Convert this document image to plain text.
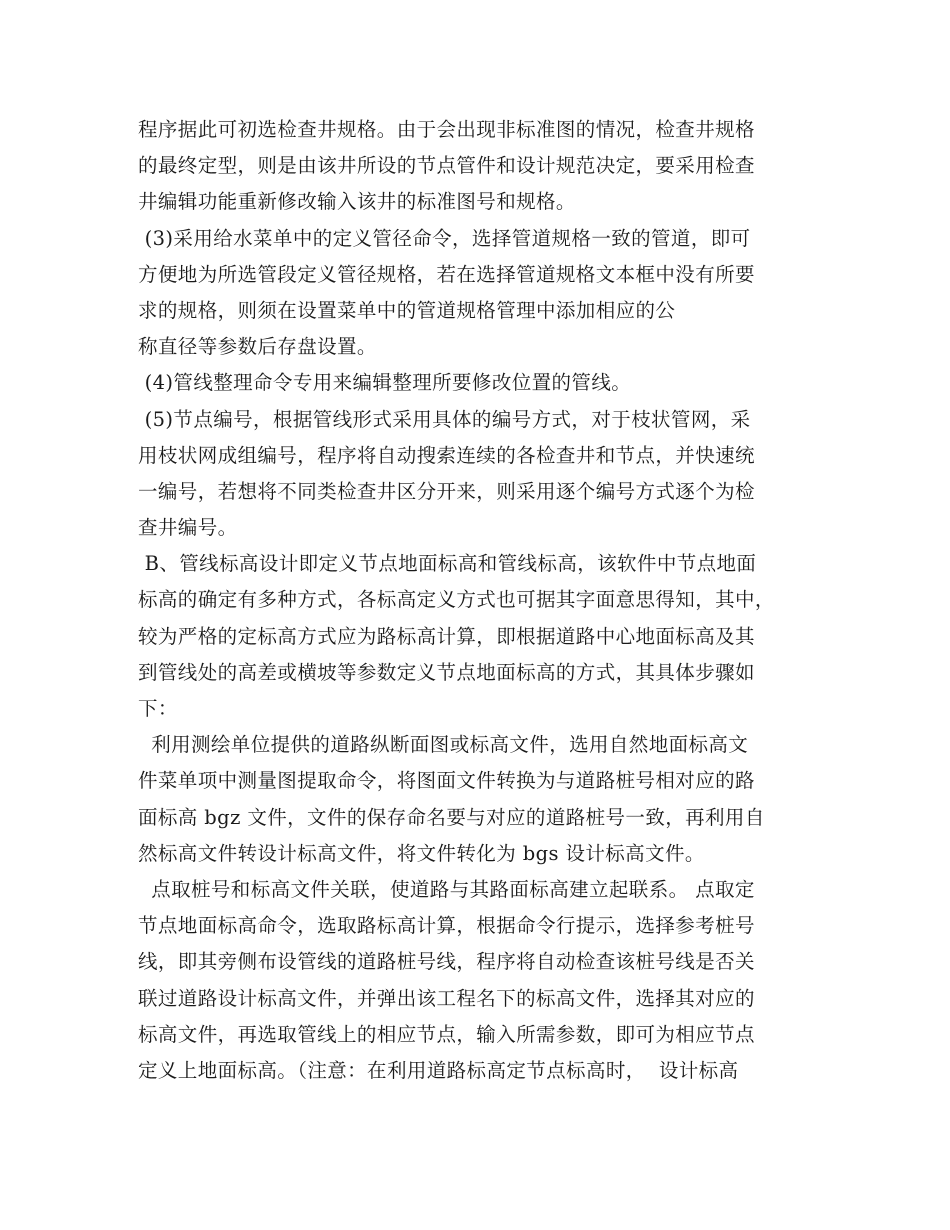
程序据此可初选检查井规格。由于会出现非标准图的情况，检查井规格
的最终定型，则是由该井所设的节点管件和设计规范决定，要采用检查
井编辑功能重新修改输入该井的标准图号和规格。
(3)采用给水菜单中的定义管径命令，选择管道规格一致的管道，即可
方便地为所选管段定义管径规格，若在选择管道规格文本框中没有所要
求的规格，则须在设置菜单中的管道规格管理中添加相应的公
称直径等参数后存盘设置。
(4)管线整理命令专用来编辑整理所要修改位置的管线。
(5)节点编号，根据管线形式采用具体的编号方式，对于枝状管网，采
用枝状网成组编号，程序将自动搜索连续的各检查井和节点，并快速统
一编号，若想将不同类检查井区分开来，则采用逐个编号方式逐个为检
查井编号。
B、管线标高设计即定义节点地面标高和管线标高，该软件中节点地面
标高的确定有多种方式，各标高定义方式也可据其字面意思得知，其中，
较为严格的定标高方式应为路标高计算，即根据道路中心地面标高及其
到管线处的高差或横坡等参数定义节点地面标高的方式，其具体步骤如
下：
利用测绘单位提供的道路纵断面图或标高文件，选用自然地面标高文
件菜单项中测量图提取命令，将图面文件转换为与道路桩号相对应的路
面标高 bgz 文件，文件的保存命名要与对应的道路桩号一致，再利用自
然标高文件转设计标高文件，将文件转化为 bgs 设计标高文件。
点取桩号和标高文件关联，使道路与其路面标高建立起联系。 点取定
节点地面标高命令，选取路标高计算，根据命令行提示，选择参考桩号
线，即其旁侧布设管线的道路桩号线，程序将自动检查该桩号线是否关
联过道路设计标高文件，并弹出该工程名下的标高文件，选择其对应的
标高文件，再选取管线上的相应节点，输入所需参数，即可为相应节点
定义上地面标高。（注意：在利用道路标高定节点标高时，  设计标高
